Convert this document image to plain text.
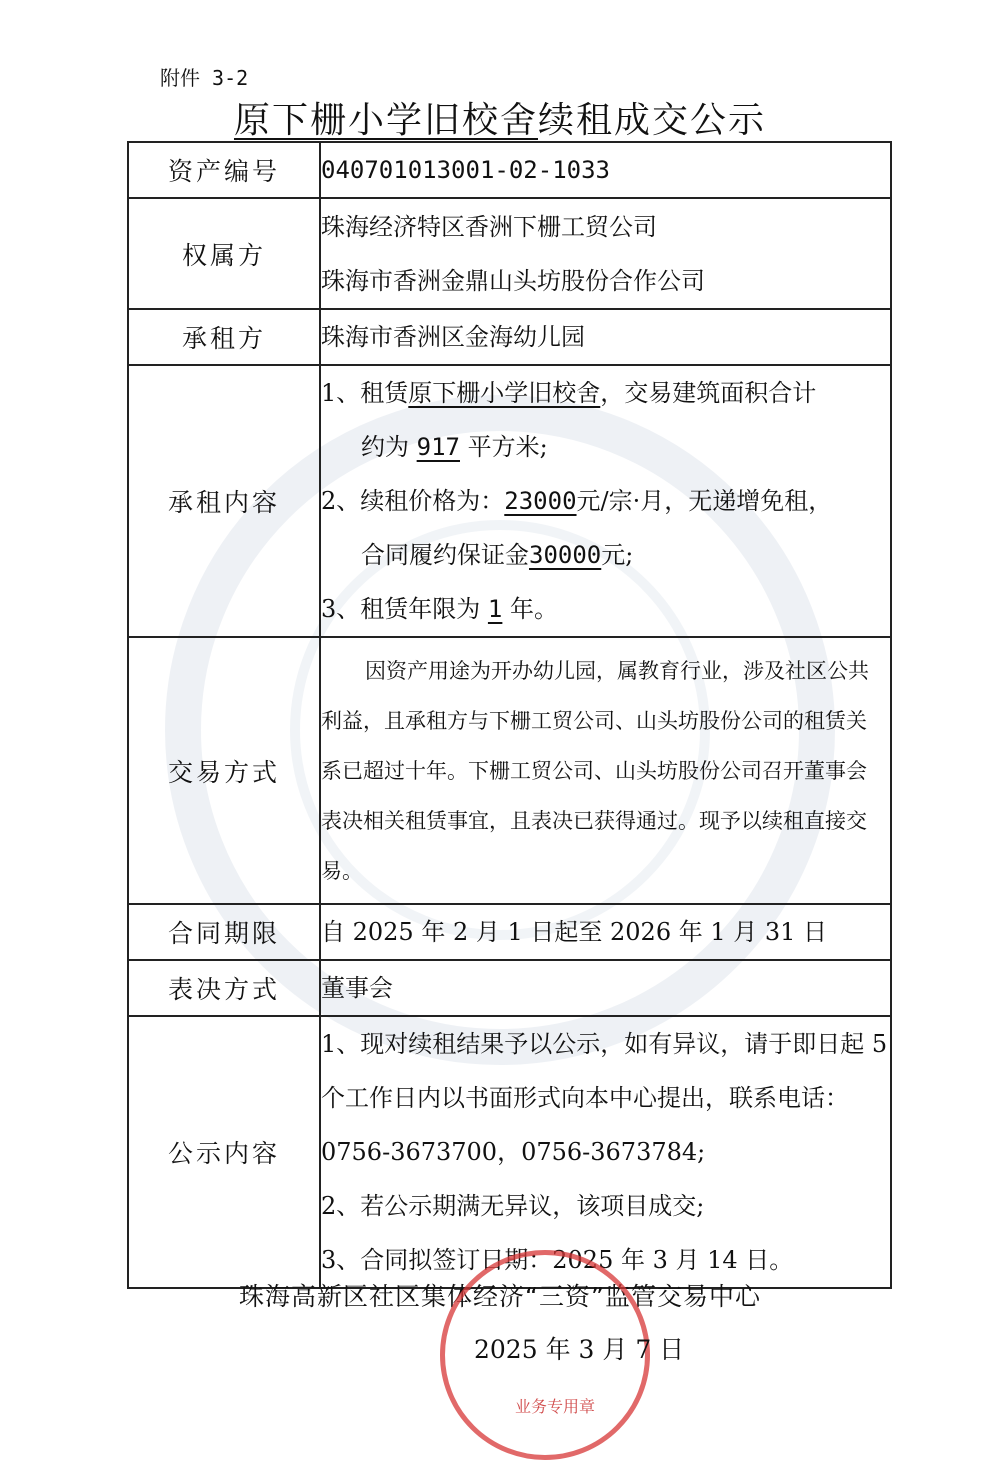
附件 3-2
原下栅小学旧校舍续租成交公示
资产编号	040701013001-02-1033
权属方	珠海经济特区香洲下栅工贸公司
珠海市香洲金鼎山头坊股份合作公司

承租方	珠海市香洲区金海幼儿园
承租内容	1、租赁原下栅小学旧校舍，交易建筑面积合计
约为 917 平方米;
2、续租价格为：23000元/宗·月，无递增免租，
合同履约保证金30000元;
3、租赁年限为 1 年。

交易方式	因资产用途为开办幼儿园，属教育行业，涉及社区公共利益，且承租方与下栅工贸公司、山头坊股份公司的租赁关系已超过十年。下栅工贸公司、山头坊股份公司召开董事会表决相关租赁事宜，且表决已获得通过。现予以续租直接交易。

合同期限	自 2025 年 2 月 1 日起至 2026 年 1 月 31 日
表决方式	董事会
公示内容	1、现对续租结果予以公示，如有异议，请于即日起 5 个工作日内以书面形式向本中心提出，联系电话： 0756-3673700，0756-3673784;
2、若公示期满无异议，该项目成交;
3、合同拟签订日期：2025 年 3 月 14 日。
珠海高新区社区集体经济“三资”监管交易中心
业务专用章
2025 年 3 月 7 日
